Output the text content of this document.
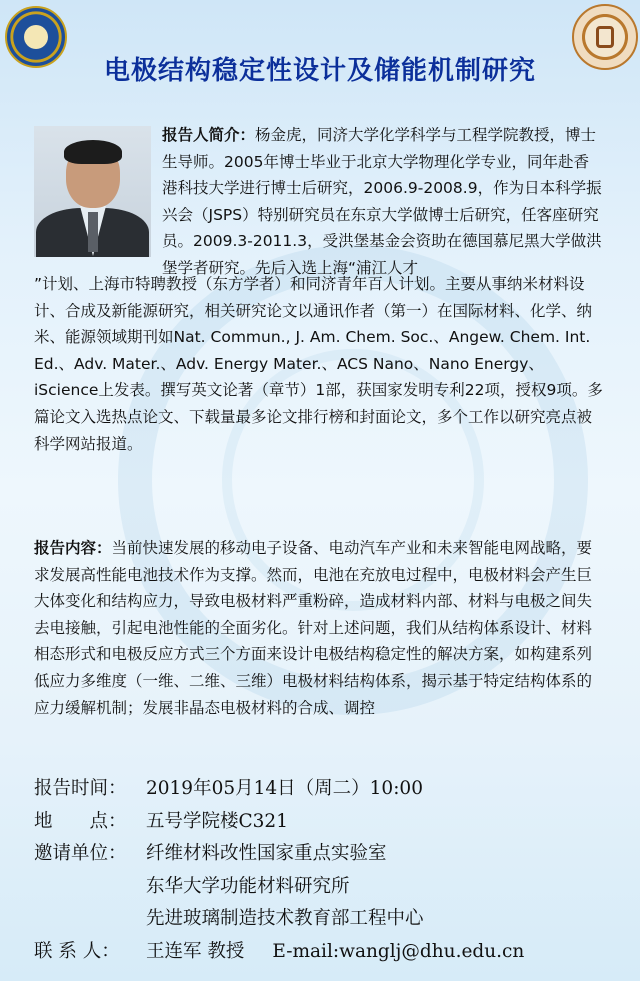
电极结构稳定性设计及储能机制研究
报告人简介：杨金虎，同济大学化学科学与工程学院教授，博士生导师。2005年博士毕业于北京大学物理化学专业，同年赴香港科技大学进行博士后研究，2006.9-2008.9，作为日本科学振兴会（JSPS）特别研究员在东京大学做博士后研究，任客座研究员。2009.3-2011.3，受洪堡基金会资助在德国慕尼黑大学做洪堡学者研究。先后入选上海“浦江人才
”计划、上海市特聘教授（东方学者）和同济青年百人计划。主要从事纳米材料设计、合成及新能源研究，相关研究论文以通讯作者（第一）在国际材料、化学、纳米、能源领域期刊如Nat. Commun., J. Am. Chem. Soc.、Angew. Chem. Int. Ed.、Adv. Mater.、Adv. Energy Mater.、ACS Nano、Nano Energy、iScience上发表。撰写英文论著（章节）1部，获国家发明专利22项，授权9项。多篇论文入选热点论文、下载量最多论文排行榜和封面论文，多个工作以研究亮点被科学网站报道。
报告内容：当前快速发展的移动电子设备、电动汽车产业和未来智能电网战略，要求发展高性能电池技术作为支撑。然而，电池在充放电过程中，电极材料会产生巨大体变化和结构应力，导致电极材料严重粉碎，造成材料内部、材料与电极之间失去电接触，引起电池性能的全面劣化。针对上述问题，我们从结构体系设计、材料相态形式和电极反应方式三个方面来设计电极结构稳定性的解决方案，如构建系列低应力多维度（一维、二维、三维）电极材料结构体系，揭示基于特定结构体系的应力缓解机制；发展非晶态电极材料的合成、调控
报告时间： 2019年05月14日（周二）10:00
地　　点： 五号学院楼C321
邀请单位： 纤维材料改性国家重点实验室
东华大学功能材料研究所
先进玻璃制造技术教育部工程中心
联 系 人： 王连军 教授 E-mail:wanglj@dhu.edu.cn
